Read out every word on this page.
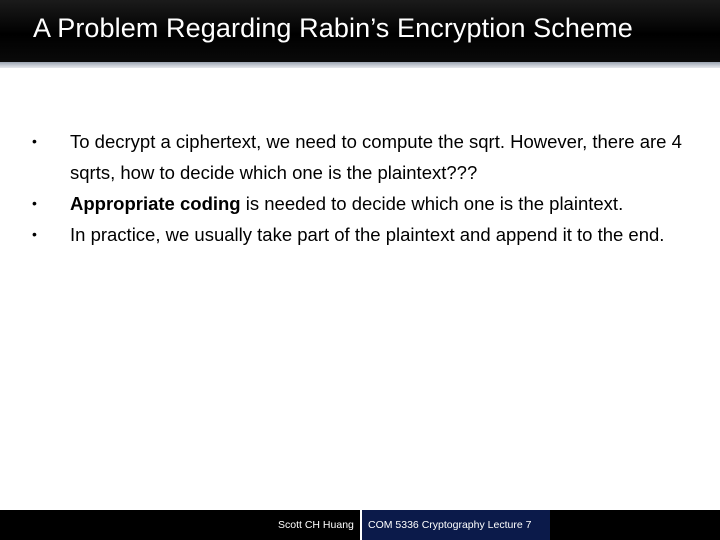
A Problem Regarding Rabin’s Encryption Scheme
• To decrypt a ciphertext, we need to compute the sqrt. However, there are 4 sqrts, how to decide which one is the plaintext???
• Appropriate coding is needed to decide which one is the plaintext.
• In practice, we usually take part of the plaintext and append it to the end.
Scott CH Huang COM 5336 Cryptography Lecture 7
